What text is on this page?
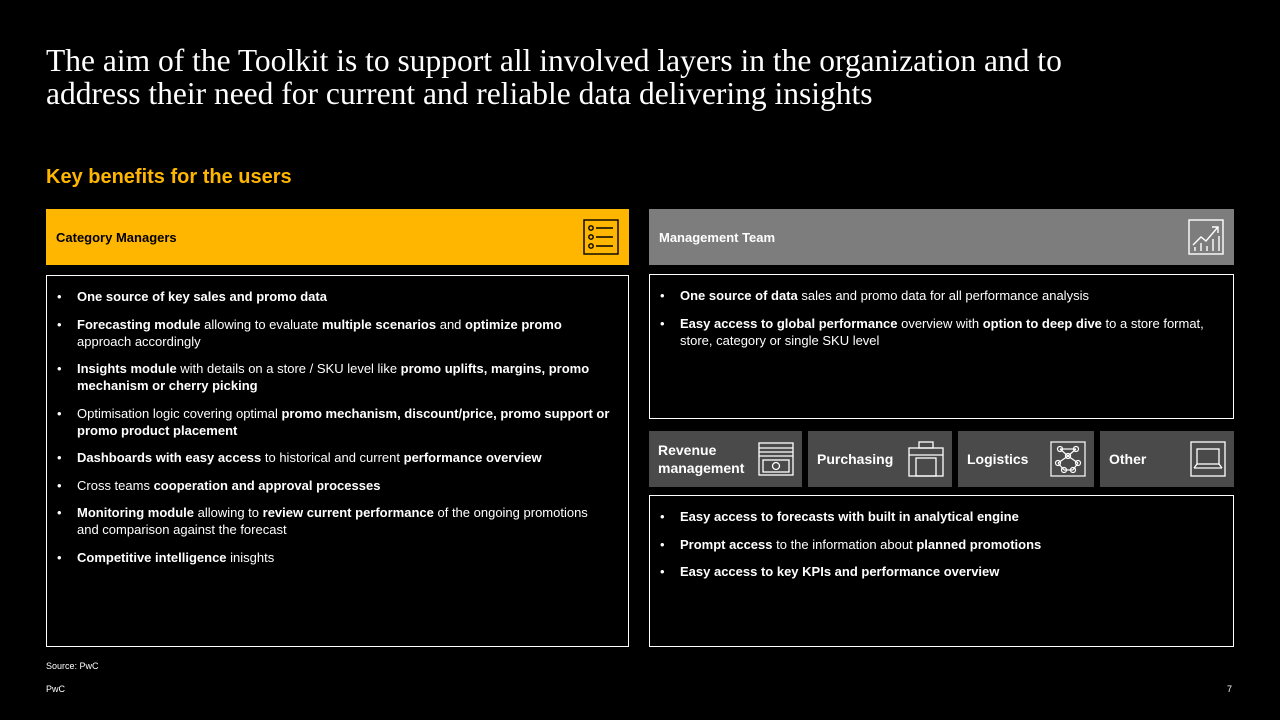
The aim of the Toolkit is to support all involved layers in the organization and to
address their need for current and reliable data delivering insights
Key benefits for the users
Category Managers
• One source of key sales and promo data
• Forecasting module allowing to evaluate multiple scenarios and optimize promo approach accordingly
• Insights module with details on a store / SKU level like promo uplifts, margins, promo mechanism or cherry picking
• Optimisation logic covering optimal promo mechanism, discount/price, promo support or promo product placement
• Dashboards with easy access to historical and current performance overview
• Cross teams cooperation and approval processes
• Monitoring module allowing to review current performance of the ongoing promotions and comparison against the forecast
• Competitive intelligence inisghts
Management Team
• One source of data sales and promo data for all performance analysis
• Easy access to global performance overview with option to deep dive to a store format, store, category or single SKU level
Revenue
management
Purchasing	Logistics	Other
• Easy access to forecasts with built in analytical engine
• Prompt access to the information about planned promotions
• Easy access to key KPIs and performance overview
Source: PwC
PwC	7
